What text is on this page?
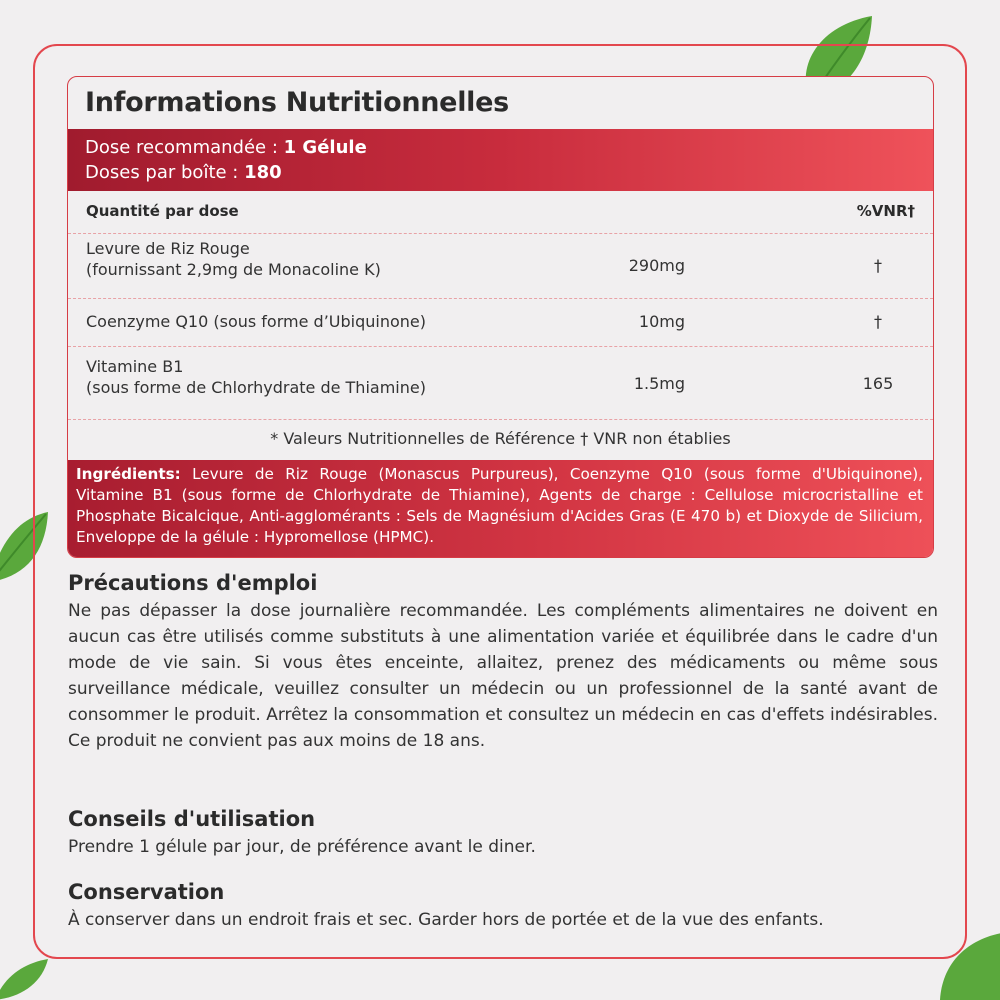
Informations Nutritionnelles
Dose recommandée : 1 Gélule
Doses par boîte : 180
Quantité par dose	%VNR†
Levure de Riz Rouge
(fournissant 2,9mg de Monacoline K)	290mg	†
Coenzyme Q10 (sous forme d’Ubiquinone)	10mg	†
Vitamine B1
(sous forme de Chlorhydrate de Thiamine)	1.5mg	165
* Valeurs Nutritionnelles de Référence † VNR non établies
Ingrédients: Levure de Riz Rouge (Monascus Purpureus), Coenzyme Q10 (sous forme d'Ubiquinone), Vitamine B1 (sous forme de Chlorhydrate de Thiamine), Agents de charge : Cellulose microcristalline et Phosphate Bicalcique, Anti-agglomérants : Sels de Magnésium d'Acides Gras (E 470 b) et Dioxyde de Silicium, Enveloppe de la gélule : Hypromellose (HPMC).
Précautions d'emploi

Ne pas dépasser la dose journalière recommandée. Les compléments alimentaires ne doivent en aucun cas être utilisés comme substituts à une alimentation variée et équilibrée dans le cadre d'un mode de vie sain. Si vous êtes enceinte, allaitez, prenez des médicaments ou même sous surveillance médicale, veuillez consulter un médecin ou un professionnel de la santé avant de consommer le produit. Arrêtez la consommation et consultez un médecin en cas d'effets indésirables. Ce produit ne convient pas aux moins de 18 ans.

Conseils d'utilisation

Prendre 1 gélule par jour, de préférence avant le diner.

Conservation

À conserver dans un endroit frais et sec. Garder hors de portée et de la vue des enfants.
